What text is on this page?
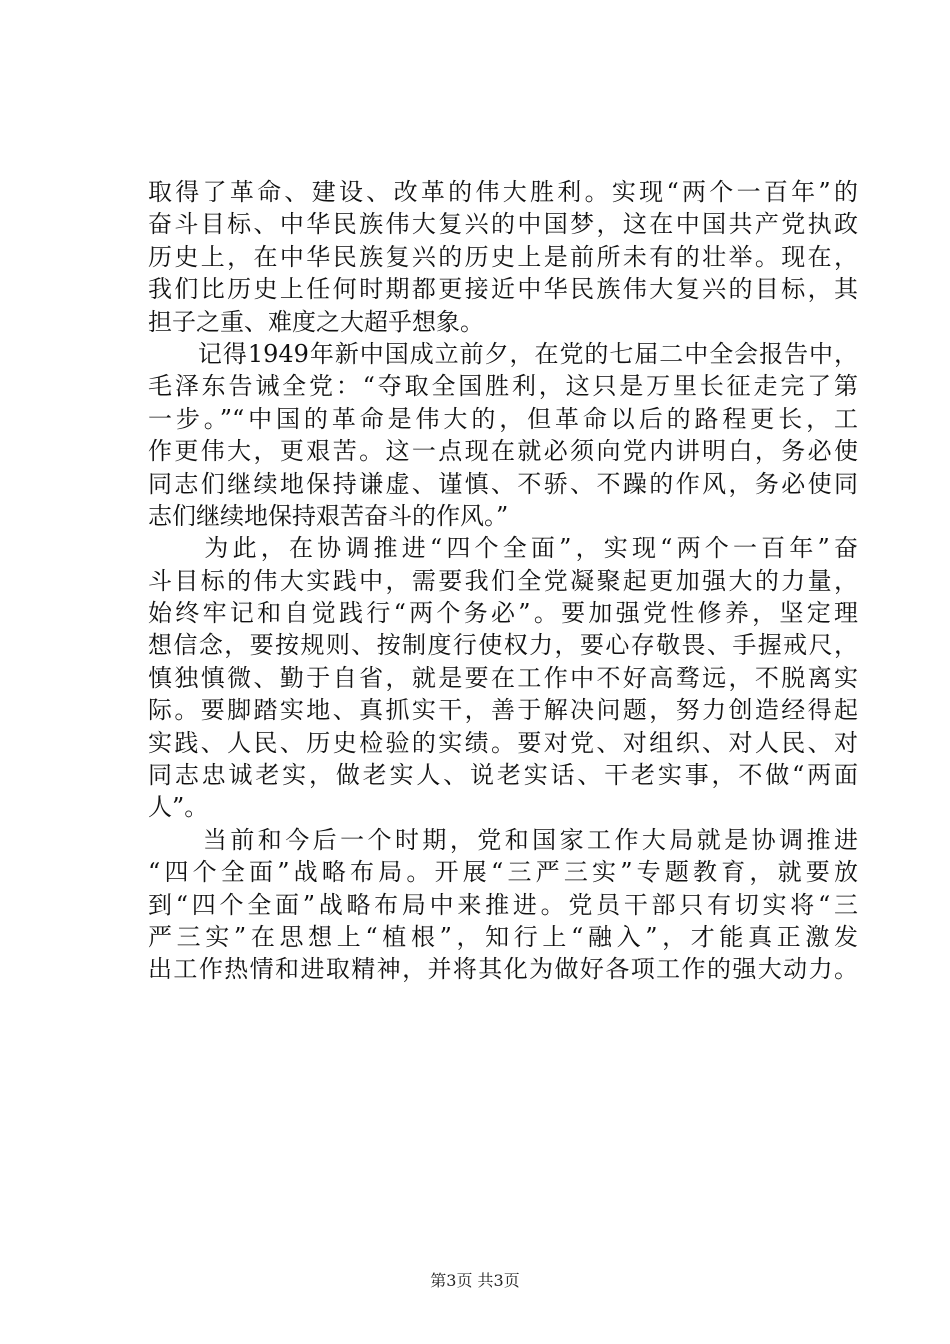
取得了革命、建设、改革的伟大胜利。实现“两个一百年”的
奋斗目标、中华民族伟大复兴的中国梦，这在中国共产党执政
历史上，在中华民族复兴的历史上是前所未有的壮举。现在，
我们比历史上任何时期都更接近中华民族伟大复兴的目标，其
担子之重、难度之大超乎想象。
　　记得1949年新中国成立前夕，在党的七届二中全会报告中，
毛泽东告诫全党：“夺取全国胜利，这只是万里长征走完了第
一步。”“中国的革命是伟大的，但革命以后的路程更长，工
作更伟大，更艰苦。这一点现在就必须向党内讲明白，务必使
同志们继续地保持谦虚、谨慎、不骄、不躁的作风，务必使同
志们继续地保持艰苦奋斗的作风。”
　　为此，在协调推进“四个全面”，实现“两个一百年”奋
斗目标的伟大实践中，需要我们全党凝聚起更加强大的力量，
始终牢记和自觉践行“两个务必”。要加强党性修养，坚定理
想信念，要按规则、按制度行使权力，要心存敬畏、手握戒尺，
慎独慎微、勤于自省，就是要在工作中不好高骛远，不脱离实
际。要脚踏实地、真抓实干，善于解决问题，努力创造经得起
实践、人民、历史检验的实绩。要对党、对组织、对人民、对
同志忠诚老实，做老实人、说老实话、干老实事，不做“两面
人”。
　　当前和今后一个时期，党和国家工作大局就是协调推进
“四个全面”战略布局。开展“三严三实”专题教育，就要放
到“四个全面”战略布局中来推进。党员干部只有切实将“三
严三实”在思想上“植根”，知行上“融入”，才能真正激发
出工作热情和进取精神，并将其化为做好各项工作的强大动力。
第3页 共3页
